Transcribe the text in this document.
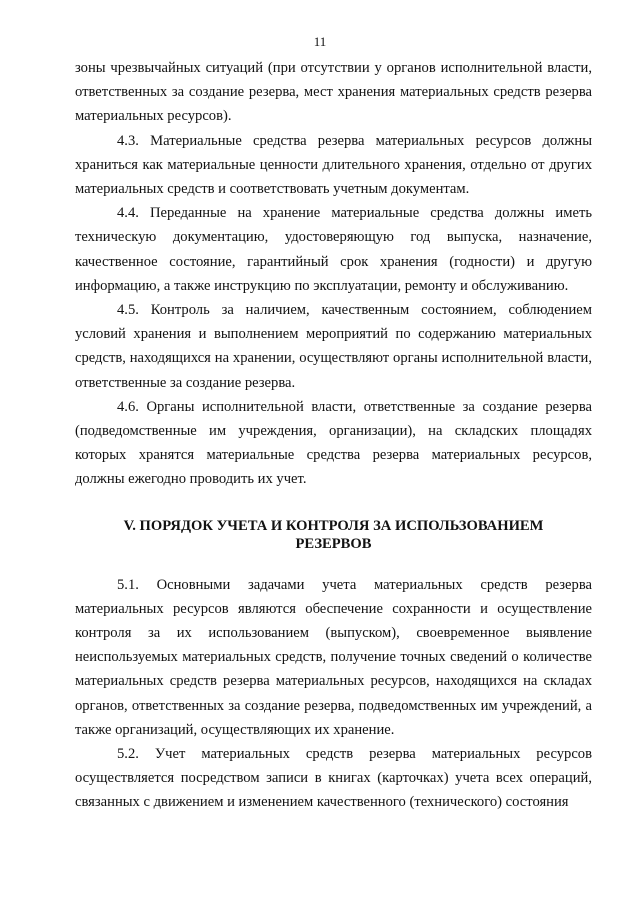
11

зоны чрезвычайных ситуаций (при отсутствии у органов исполнительной власти, ответственных за создание резерва, мест хранения материальных средств резерва материальных ресурсов).

4.3. Материальные средства резерва материальных ресурсов должны храниться как материальные ценности длительного хранения, отдельно от других материальных средств и соответствовать учетным документам.

4.4. Переданные на хранение материальные средства должны иметь техническую документацию, удостоверяющую год выпуска, назначение, качественное состояние, гарантийный срок хранения (годности) и другую информацию, а также инструкцию по эксплуатации, ремонту и обслуживанию.

4.5. Контроль за наличием, качественным состоянием, соблюдением условий хранения и выполнением мероприятий по содержанию материальных средств, находящихся на хранении, осуществляют органы исполнительной власти, ответственные за создание резерва.

4.6. Органы исполнительной власти, ответственные за создание резерва (подведомственные им учреждения, организации), на складских площадях которых хранятся материальные средства резерва материальных ресурсов, должны ежегодно проводить их учет.

V. ПОРЯДОК УЧЕТА И КОНТРОЛЯ ЗА ИСПОЛЬЗОВАНИЕМ
РЕЗЕРВОВ

5.1. Основными задачами учета материальных средств резерва материальных ресурсов являются обеспечение сохранности и осуществление контроля за их использованием (выпуском), своевременное выявление неиспользуемых материальных средств, получение точных сведений о количестве материальных средств резерва материальных ресурсов, находящихся на складах органов, ответственных за создание резерва, подведомственных им учреждений, а также организаций, осуществляющих их хранение.

5.2. Учет материальных средств резерва материальных ресурсов осуществляется посредством записи в книгах (карточках) учета всех операций, связанных с движением и изменением качественного (технического) состояния
